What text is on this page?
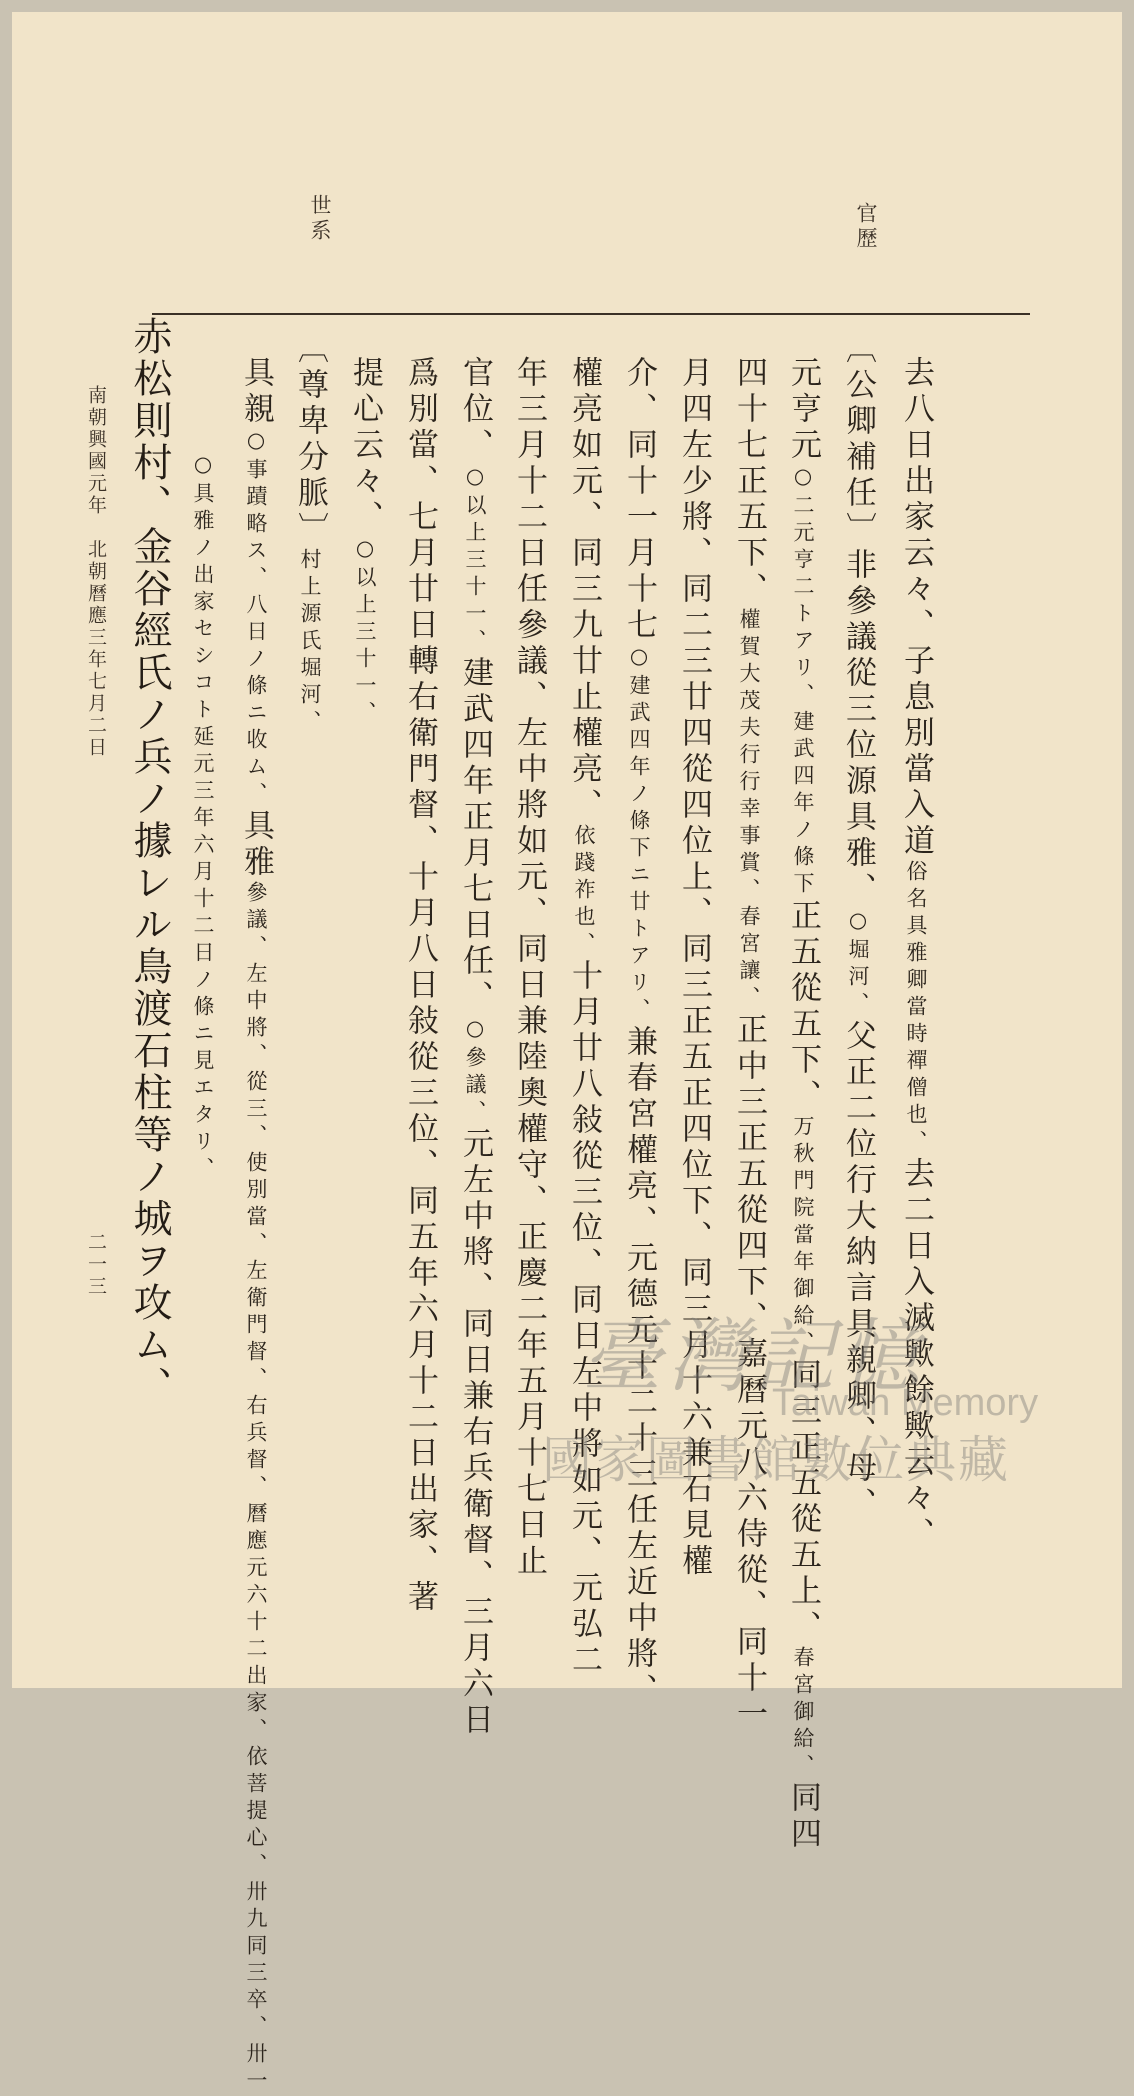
官歷
世系
去八日出家云々、子息別當入道俗名具雅卿當時禪僧也、去二日入滅歟餘歟云々、
〔公卿補任〕非參議從三位源具雅、○堀河、父正二位行大納言具親卿、母、
元亨元○二元亨二トアリ、建武四年ノ條下正五從五下、万秋門院當年御給、同三正五從五上、春宮御給、同四
四十七正五下、權賀大茂夫行行幸事賞、春宮讓、正中三正五從四下、嘉曆元八六侍從、同十一
月四左少將、同二三廿四從四位上、同三正五正四位下、同三月十六兼石見權
介、同十一月十七○建武四年ノ條下ニ廿トアリ、兼春宮權亮、元德元十二十三任左近中將、
權亮如元、同三九廿止權亮、依踐祚也、十月廿八敍從三位、同日左中將如元、元弘二
年三月十二日任參議、左中將如元、同日兼陸奧權守、正慶二年五月十七日止
官位、○以上三十一、建武四年正月七日任、○參議、元左中將、同日兼右兵衛督、三月六日
爲別當、七月廿日轉右衛門督、十月八日敍從三位、同五年六月十二日出家、著
提心云々、○以上三十一、
〔尊卑分脈〕村上源氏堀河、
具親○事蹟略ス、八日ノ條ニ收ム、具雅參議、左中將、從三、使別當、左衛門督、右兵督、曆應元六十二出家、依菩提心、卅九同三卒、卅一
○具雅ノ出家セシコト延元三年六月十二日ノ條ニ見エタリ、
赤松則村、金谷經氏ノ兵ノ據レル鳥渡石柱等ノ城ヲ攻ム、
南朝興國元年　北朝曆應三年七月二日
二一三
臺灣記憶
Taiwan Memory
國家圖書館數位典藏
